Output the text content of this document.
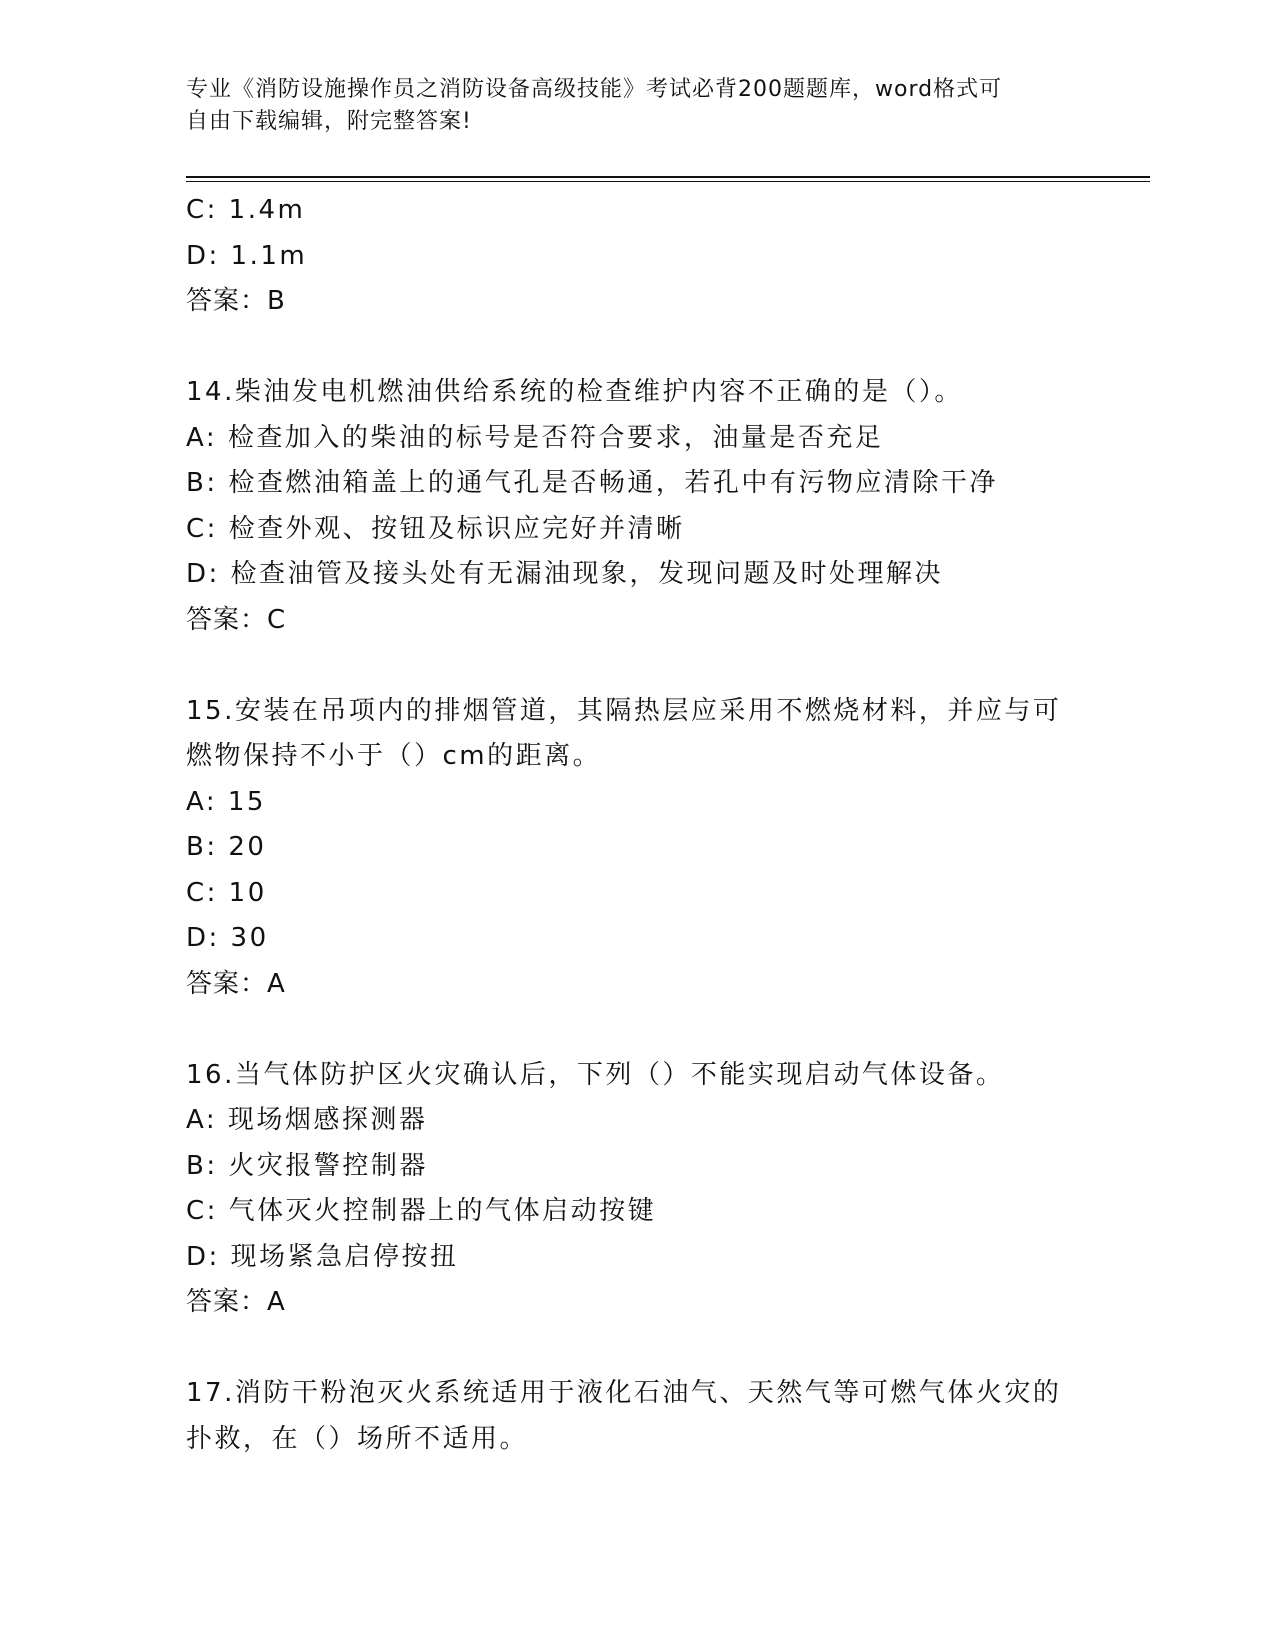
专业《消防设施操作员之消防设备高级技能》考试必背200题题库，word格式可
自由下载编辑，附完整答案!
C: 1.4m
D: 1.1m
答案：B
14.柴油发电机燃油供给系统的检查维护内容不正确的是（）。
A: 检查加入的柴油的标号是否符合要求，油量是否充足
B: 检查燃油箱盖上的通气孔是否畅通，若孔中有污物应清除干净
C: 检查外观、按钮及标识应完好并清晰
D: 检查油管及接头处有无漏油现象，发现问题及时处理解决
答案：C
15.安装在吊项内的排烟管道，其隔热层应采用不燃烧材料，并应与可
燃物保持不小于（）cm的距离。
A: 15
B: 20
C: 10
D: 30
答案：A
16.当气体防护区火灾确认后，下列（）不能实现启动气体设备。
A: 现场烟感探测器
B: 火灾报警控制器
C: 气体灭火控制器上的气体启动按键
D: 现场紧急启停按扭
答案：A
17.消防干粉泡灭火系统适用于液化石油气、天然气等可燃气体火灾的
扑救，在（）场所不适用。
